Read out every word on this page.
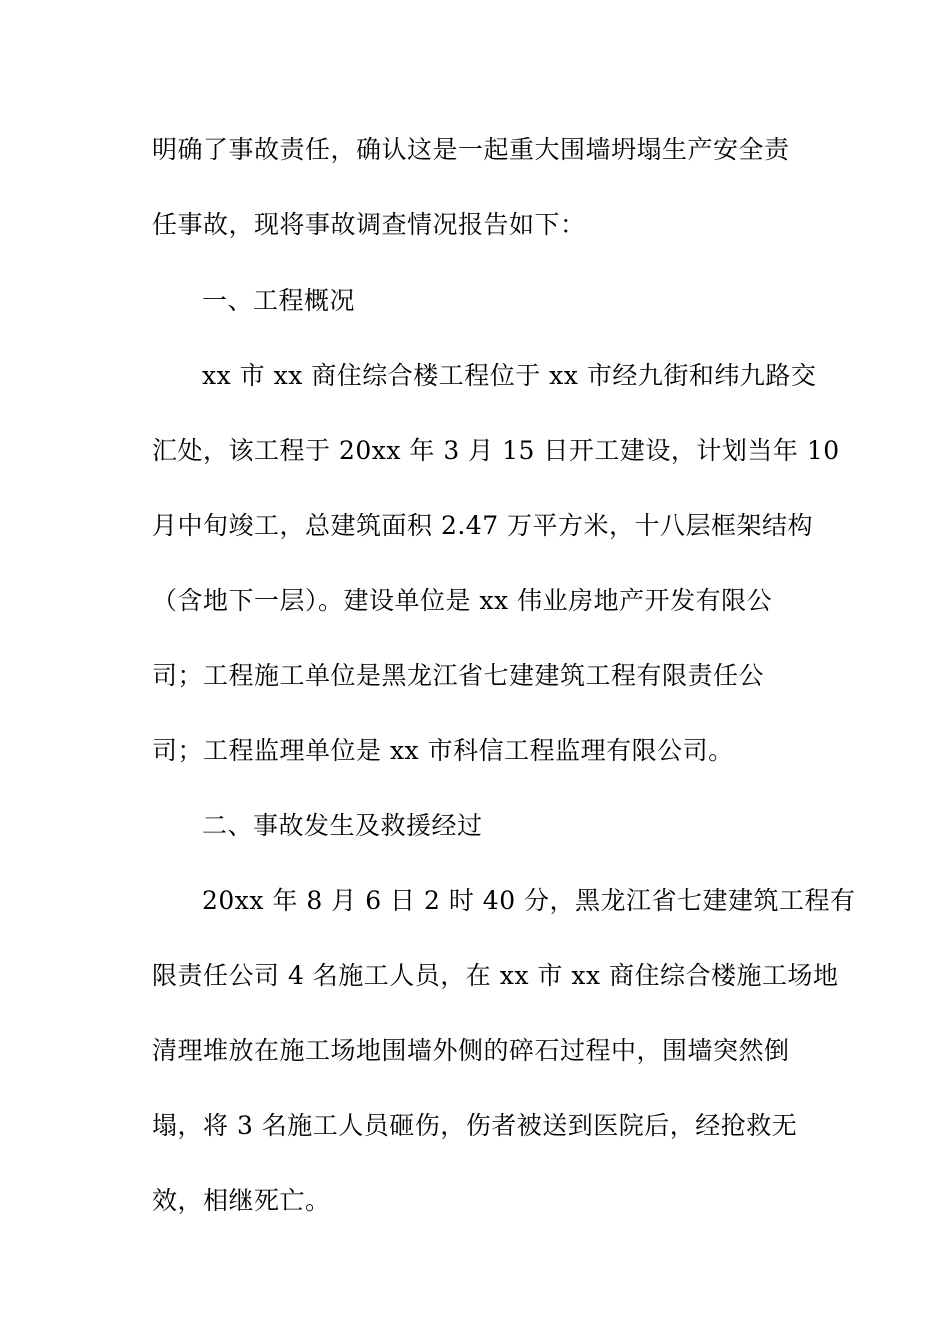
明确了事故责任，确认这是一起重大围墙坍塌生产安全责
任事故，现将事故调查情况报告如下：
一、工程概况
xx 市 xx 商住综合楼工程位于 xx 市经九街和纬九路交
汇处，该工程于 20xx 年 3 月 15 日开工建设，计划当年 10
月中旬竣工，总建筑面积 2.47 万平方米，十八层框架结构
（含地下一层）。建设单位是 xx 伟业房地产开发有限公
司；工程施工单位是黑龙江省七建建筑工程有限责任公
司；工程监理单位是 xx 市科信工程监理有限公司。
二、事故发生及救援经过
20xx 年 8 月 6 日 2 时 40 分，黑龙江省七建建筑工程有
限责任公司 4 名施工人员，在 xx 市 xx 商住综合楼施工场地
清理堆放在施工场地围墙外侧的碎石过程中，围墙突然倒
塌，将 3 名施工人员砸伤，伤者被送到医院后，经抢救无
效，相继死亡。
